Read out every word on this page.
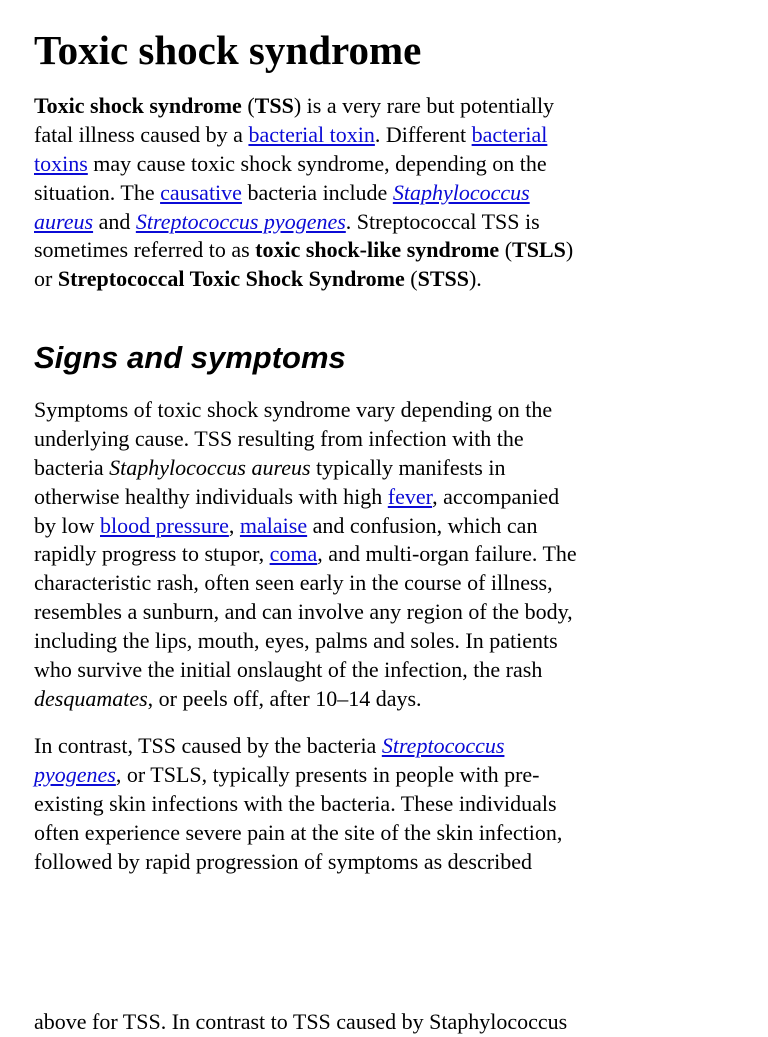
Toxic shock syndrome
Toxic shock syndrome (TSS) is a very rare but potentially
fatal illness caused by a bacterial toxin. Different bacterial
toxins may cause toxic shock syndrome, depending on the
situation. The causative bacteria include Staphylococcus
aureus and Streptococcus pyogenes. Streptococcal TSS is
sometimes referred to as toxic shock-like syndrome (TSLS)
or Streptococcal Toxic Shock Syndrome (STSS).
Signs and symptoms
Symptoms of toxic shock syndrome vary depending on the
underlying cause. TSS resulting from infection with the
bacteria Staphylococcus aureus typically manifests in
otherwise healthy individuals with high fever, accompanied
by low blood pressure, malaise and confusion, which can
rapidly progress to stupor, coma, and multi-organ failure. The
characteristic rash, often seen early in the course of illness,
resembles a sunburn, and can involve any region of the body,
including the lips, mouth, eyes, palms and soles. In patients
who survive the initial onslaught of the infection, the rash
desquamates, or peels off, after 10–14 days.
In contrast, TSS caused by the bacteria Streptococcus
pyogenes, or TSLS, typically presents in people with pre-
existing skin infections with the bacteria. These individuals
often experience severe pain at the site of the skin infection,
followed by rapid progression of symptoms as described
above for TSS. In contrast to TSS caused by Staphylococcus
